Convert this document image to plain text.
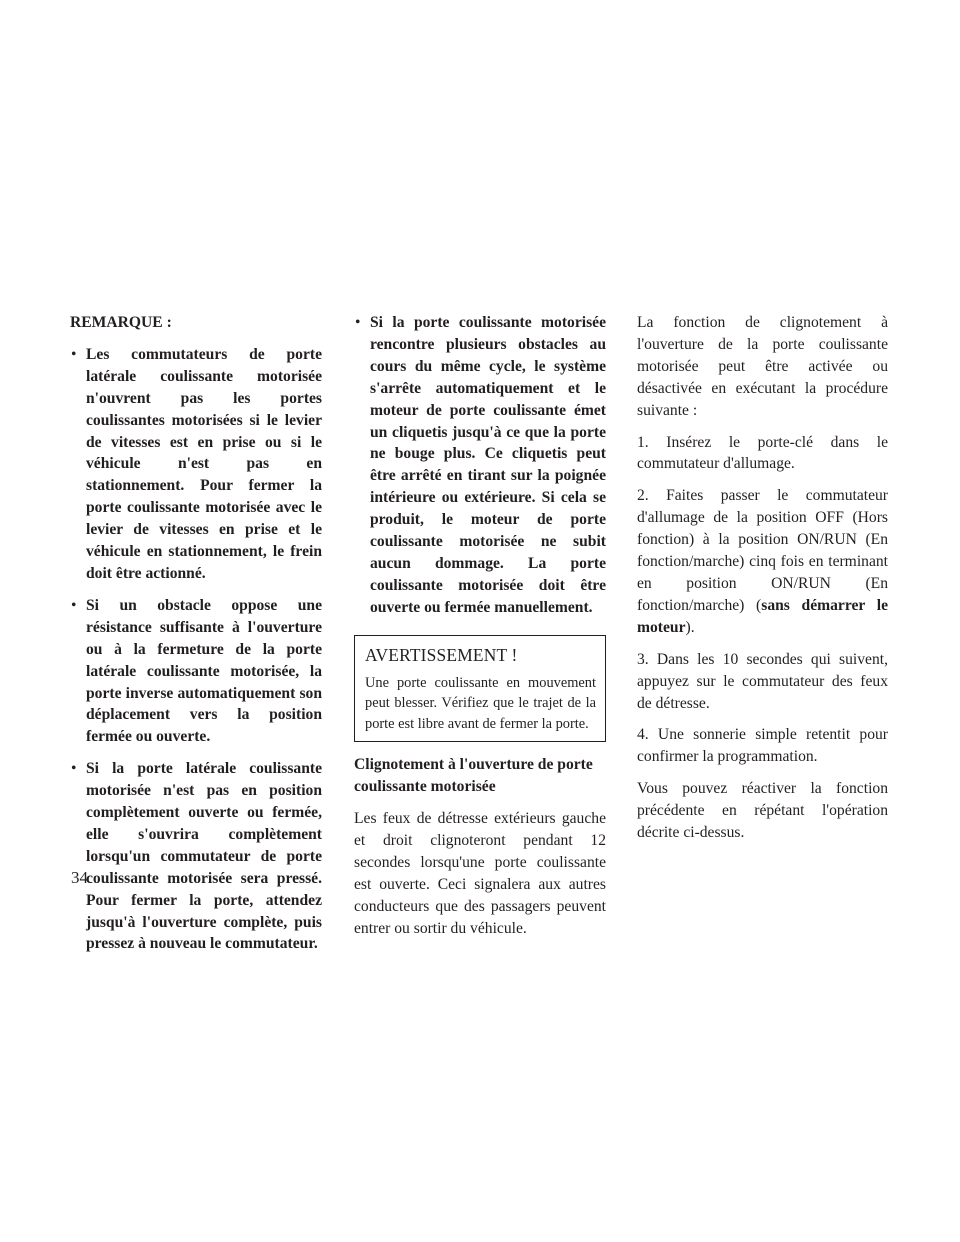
REMARQUE :

• Les commutateurs de porte latérale coulissante motorisée n'ouvrent pas les portes coulissantes motorisées si le levier de vitesses est en prise ou si le véhicule n'est pas en stationnement. Pour fermer la porte coulissante motorisée avec le levier de vitesses en prise et le véhicule en stationnement, le frein doit être actionné.
• Si un obstacle oppose une résistance suffisante à l'ouverture ou à la fermeture de la porte latérale coulissante motorisée, la porte inverse automatiquement son déplacement vers la position fermée ou ouverte.
• Si la porte latérale coulissante motorisée n'est pas en position complètement ouverte ou fermée, elle s'ouvrira complètement lorsqu'un commutateur de porte coulissante motorisée sera pressé. Pour fermer la porte, attendez jusqu'à l'ouverture complète, puis pressez à nouveau le commutateur.
• Si la porte coulissante motorisée rencontre plusieurs obstacles au cours du même cycle, le système s'arrête automatiquement et le moteur de porte coulissante émet un cliquetis jusqu'à ce que la porte ne bouge plus. Ce cliquetis peut être arrêté en tirant sur la poignée intérieure ou extérieure. Si cela se produit, le moteur de porte coulissante motorisée ne subit aucun dommage. La porte coulissante motorisée doit être ouverte ou fermée manuellement.

AVERTISSEMENT !

Une porte coulissante en mouvement peut blesser. Vérifiez que le trajet de la porte est libre avant de fermer la porte.

Clignotement à l'ouverture de porte coulissante motorisée

Les feux de détresse extérieurs gauche et droit clignoteront pendant 12 secondes lorsqu'une porte coulissante est ouverte. Ceci signalera aux autres conducteurs que des passagers peuvent entrer ou sortir du véhicule.

La fonction de clignotement à l'ouverture de la porte coulissante motorisée peut être activée ou désactivée en exécutant la procédure suivante :

1. Insérez le porte-clé dans le commutateur d'allumage.

2. Faites passer le commutateur d'allumage de la position OFF (Hors fonction) à la position ON/RUN (En fonction/marche) cinq fois en terminant en position ON/RUN (En fonction/marche) (sans démarrer le moteur).

3. Dans les 10 secondes qui suivent, appuyez sur le commutateur des feux de détresse.

4. Une sonnerie simple retentit pour confirmer la programmation.

Vous pouvez réactiver la fonction précédente en répétant l'opération décrite ci-dessus.

34
